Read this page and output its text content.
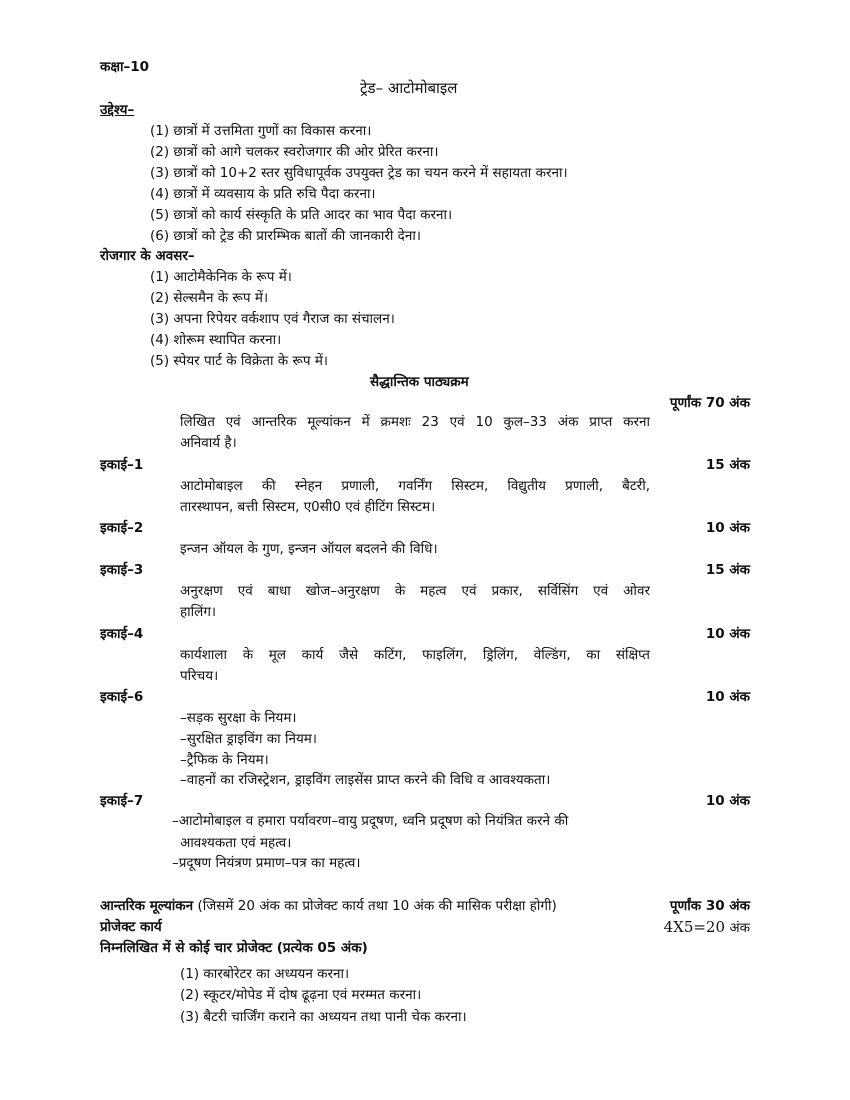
कक्षा–10
ट्रेड– आटोमोबाइल
उद्देश्य–
(1) छात्रों में उत्तमिता गुणों का विकास करना।
(2) छात्रों को आगे चलकर स्वरोजगार की ओर प्रेरित करना।
(3) छात्रों को 10+2 स्तर सुविधापूर्वक उपयुक्त ट्रेड का चयन करने में सहायता करना।
(4) छात्रों में व्यवसाय के प्रति रुचि पैदा करना।
(5) छात्रों को कार्य संस्कृति के प्रति आदर का भाव पैदा करना।
(6) छात्रों को ट्रेड की प्रारम्भिक बातों की जानकारी देना।
रोजगार के अवसर–
(1) आटोमैकेनिक के रूप में।
(2) सेल्समैन के रूप में।
(3) अपना रिपेयर वर्कशाप एवं गैराज का संचालन।
(4) शोरूम स्थापित करना।
(5) स्पेयर पार्ट के विक्रेता के रूप में।
सैद्धान्तिक पाठ्यक्रम
पूर्णांक 70 अंक
लिखित एवं आन्तरिक मूल्यांकन में क्रमशः 23 एवं 10 कुल–33 अंक प्राप्त करना
अनिवार्य है।
इकाई–1	15 अंक
आटोमोबाइल की स्नेहन प्रणाली, गवर्निंग सिस्टम, विद्युतीय प्रणाली, बैटरी,
तारस्थापन, बत्ती सिस्टम, ए0सी0 एवं हीटिंग सिस्टम।
इकाई–2	10 अंक
इन्जन ऑयल के गुण, इन्जन ऑयल बदलने की विधि।
इकाई–3	15 अंक
अनुरक्षण एवं बाधा खोज–अनुरक्षण के महत्व एवं प्रकार, सर्विसिंग एवं ओवर
हालिंग।
इकाई–4	10 अंक
कार्यशाला के मूल कार्य जैसे कटिंग, फाइलिंग, ड्रिलिंग, वेल्डिंग, का संक्षिप्त
परिचय।
इकाई–6	10 अंक
–सड़क सुरक्षा के नियम।
–सुरक्षित ड्राइविंग का नियम।
–ट्रैफिक के नियम।
–वाहनों का रजिस्ट्रेशन, ड्राइविंग लाइसेंस प्राप्त करने की विधि व आवश्यकता।
इकाई–7	10 अंक
–आटोमोबाइल व हमारा पर्यावरण–वायु प्रदूषण, ध्वनि प्रदूषण को नियंत्रित करने की
आवश्यकता एवं महत्व।
–प्रदूषण नियंत्रण प्रमाण–पत्र का महत्व।
आन्तरिक मूल्यांकन (जिसमें 20 अंक का प्रोजेक्ट कार्य तथा 10 अंक की मासिक परीक्षा होगी)	पूर्णांक 30 अंक
प्रोजेक्ट कार्य	4X5=20 अंक
निम्नलिखित में से कोई चार प्रोजेक्ट (प्रत्येक 05 अंक)
(1) कारबोरेटर का अध्ययन करना।
(2) स्कूटर/मोपेड में दोष ढूढ़ना एवं मरम्मत करना।
(3) बैटरी चार्जिंग कराने का अध्ययन तथा पानी चेक करना।
